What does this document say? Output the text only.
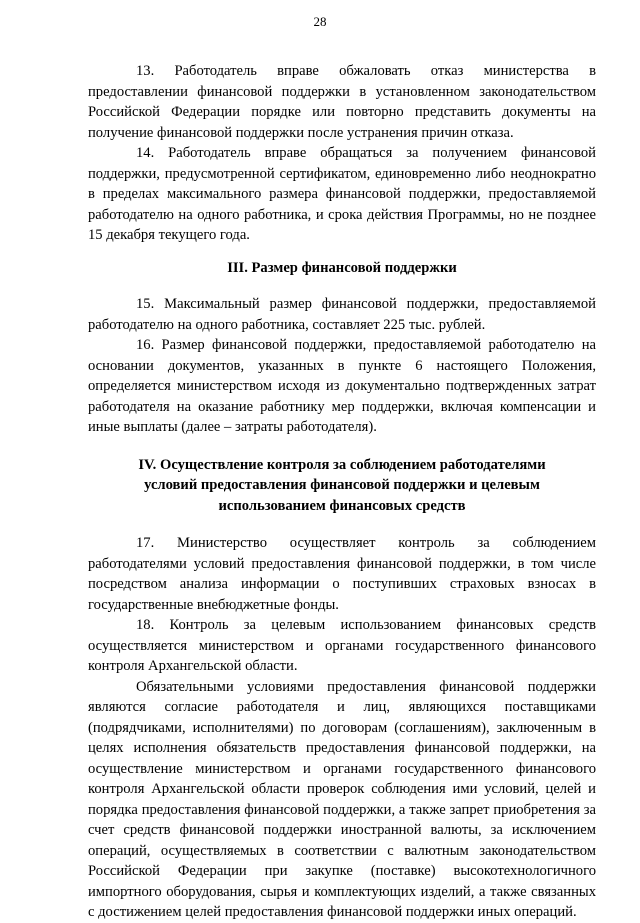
28

13. Работодатель вправе обжаловать отказ министерства в предоставлении финансовой поддержки в установленном законодательством Российской Федерации порядке или повторно представить документы на получение финансовой поддержки после устранения причин отказа.

14. Работодатель вправе обращаться за получением финансовой поддержки, предусмотренной сертификатом, единовременно либо неоднократно в пределах максимального размера финансовой поддержки, предоставляемой работодателю на одного работника, и срока действия Программы, но не позднее 15 декабря текущего года.

III. Размер финансовой поддержки

15. Максимальный размер финансовой поддержки, предоставляемой работодателю на одного работника, составляет 225 тыс. рублей.

16. Размер финансовой поддержки, предоставляемой работодателю на основании документов, указанных в пункте 6 настоящего Положения, определяется министерством исходя из документально подтвержденных затрат работодателя на оказание работнику мер поддержки, включая компенсации и иные выплаты (далее – затраты работодателя).

IV. Осуществление контроля за соблюдением работодателями
условий предоставления финансовой поддержки и целевым
использованием финансовых средств

17. Министерство осуществляет контроль за соблюдением работодателями условий предоставления финансовой поддержки, в том числе посредством анализа информации о поступивших страховых взносах в государственные внебюджетные фонды.

18. Контроль за целевым использованием финансовых средств осуществляется министерством и органами государственного финансового контроля Архангельской области.

Обязательными условиями предоставления финансовой поддержки являются согласие работодателя и лиц, являющихся поставщиками (подрядчиками, исполнителями) по договорам (соглашениям), заключенным в целях исполнения обязательств предоставления финансовой поддержки, на осуществление министерством и органами государственного финансового контроля Архангельской области проверок соблюдения ими условий, целей и порядка предоставления финансовой поддержки, а также запрет приобретения за счет средств финансовой поддержки иностранной валюты, за исключением операций, осуществляемых в соответствии с валютным законодательством Российской Федерации при закупке (поставке) высокотехнологичного импортного оборудования, сырья и комплектующих изделий, а также связанных с достижением целей предоставления финансовой поддержки иных операций.
